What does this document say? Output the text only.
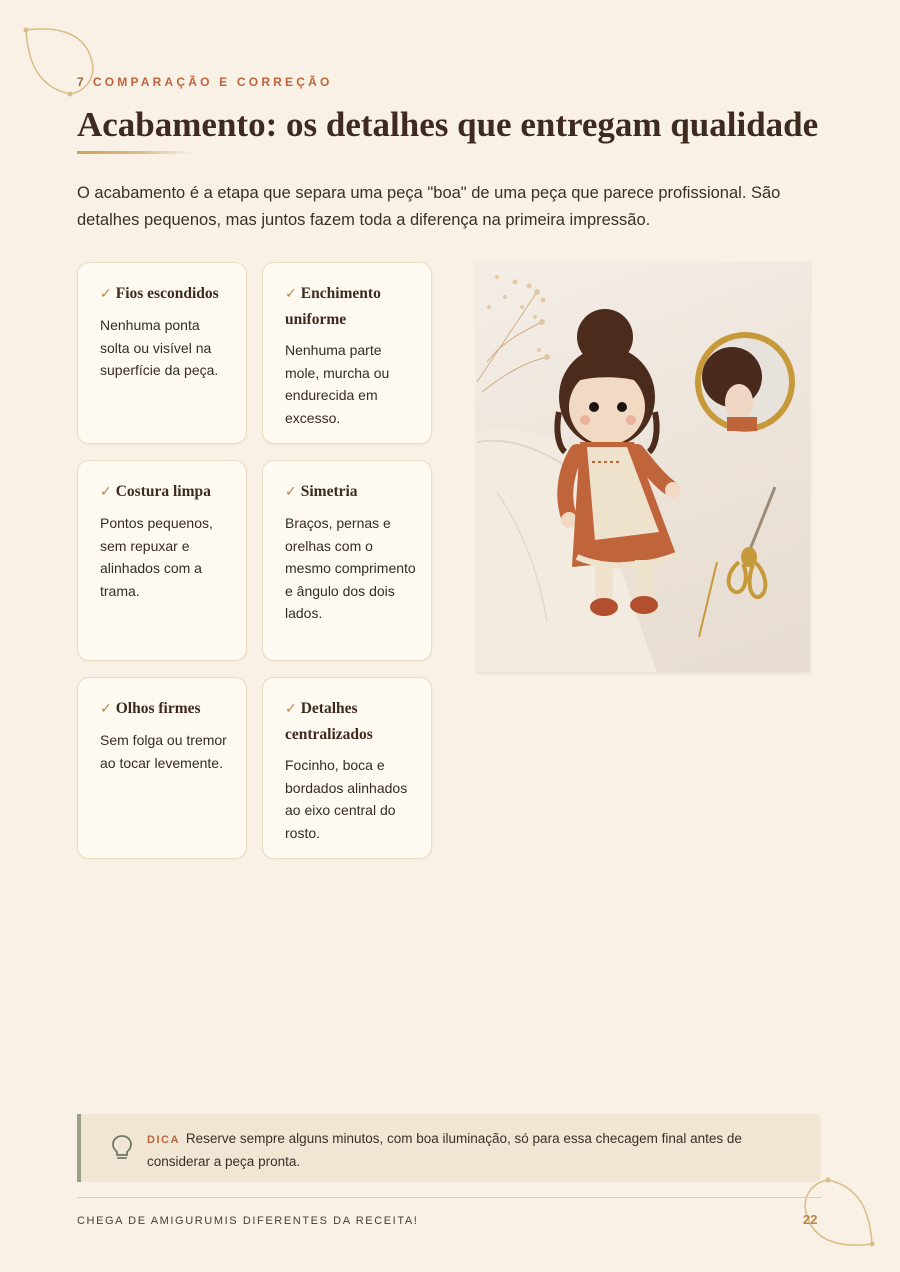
7 COMPARAÇÃO E CORREÇÃO
Acabamento: os detalhes que entregam qualidade

O acabamento é a etapa que separa uma peça "boa" de uma peça que parece profissional. São detalhes pequenos, mas juntos fazem toda a diferença na primeira impressão.

✓ Fios escondidos
Nenhuma ponta solta ou visível na superfície da peça.
✓ Enchimento uniforme
Nenhuma parte mole, murcha ou endurecida em excesso.
✓ Costura limpa
Pontos pequenos, sem repuxar e alinhados com a trama.
✓ Simetria
Braços, pernas e orelhas com o mesmo comprimento e ângulo dos dois lados.
✓ Olhos firmes
Sem folga ou tremor ao tocar levemente.
✓ Detalhes centralizados
Focinho, boca e bordados alinhados ao eixo central do rosto.
DICA Reserve sempre alguns minutos, com boa iluminação, só para essa checagem final antes de considerar a peça pronta.
CHEGA DE AMIGURUMIS DIFERENTES DA RECEITA!	22
